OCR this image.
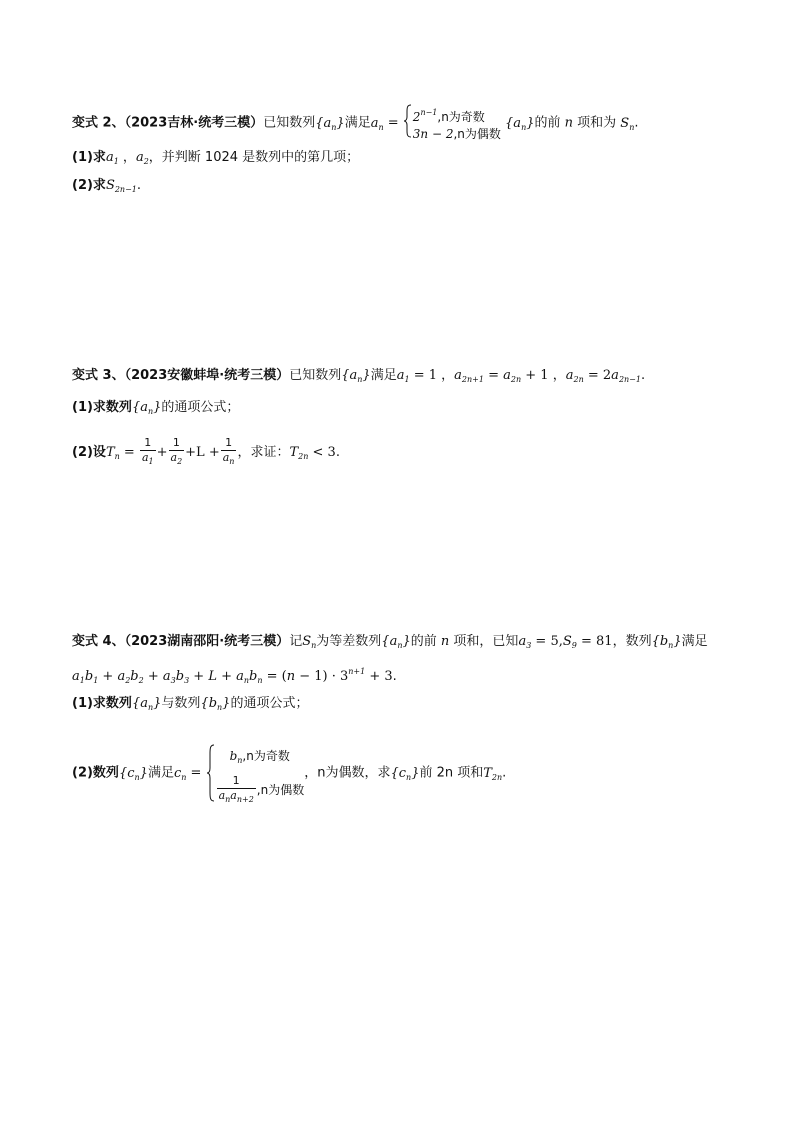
变式 2、（2023吉林·统考三模）已知数列$\{a_n\}$满足$a_n = 2^{n-1},n$为奇数
3n − 2,n为偶数
$\{a_n\}$的前 n 项和为 $S_n$.
(1)求$a_1$ ，$a_2$，并判断 1024 是数列中的第几项；
(2)求$S_{2n-1}$.
变式 3、（2023安徽蚌埠·统考三模）已知数列$\{a_n\}$满足$a_1 = 1$ ，$a_{2n+1} = a_{2n} + 1$ ，$a_{2n} = 2a_{2n-1}$.
(1)求数列$\{a_n\}$的通项公式；
(2)设$T_n = \frac{1}{a_1} + \frac{1}{a_2} +L + \frac{1}{a_n}$ ，求证：$T_{2n} < 3$.
变式 4、（2023湖南邵阳·统考三模）记$S_n$为等差数列$\{a_n\}$的前 n 项和，已知$a_3 = 5,S_9 = 81$，数列$\{b_n\}$满足
$a_1b_1 + a_2b_2 + a_3b_3 + L + a_nb_n = (n - 1) \cdot 3^{n+1} + 3$.
(1)求数列$\{a_n\}$与数列$\{b_n\}$的通项公式；
(2)数列$\{c_n\}$满足$c_n$ =
$b_n,n$为奇数
$\frac{1}{a_na_{n+2}} ,n$为偶数
，n为偶数，求$\{c_n\}$前 2n 项和$T_{2n}$.
